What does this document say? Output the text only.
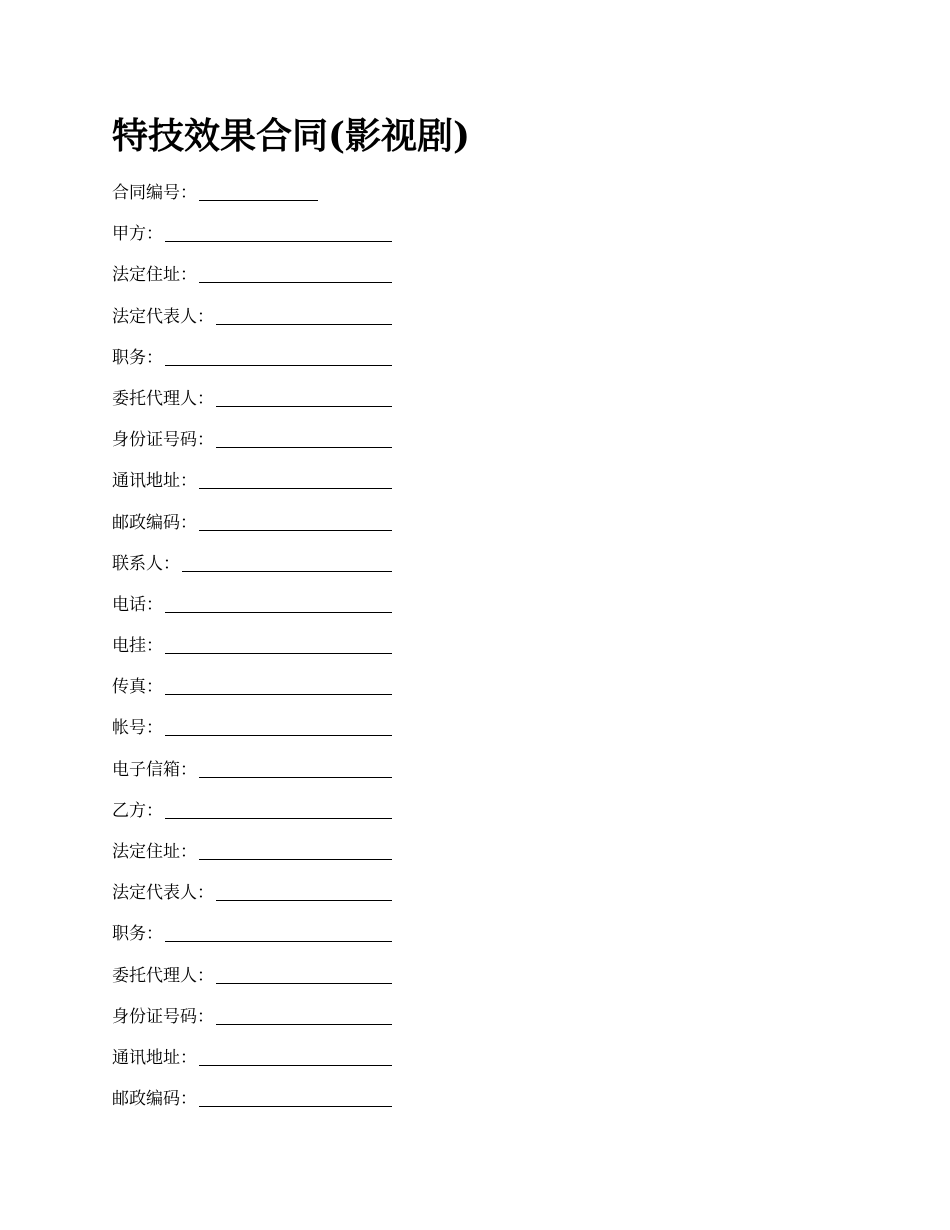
特技效果合同(影视剧)
合同编号：
甲方：
法定住址：
法定代表人：
职务：
委托代理人：
身份证号码：
通讯地址：
邮政编码：
联系人：
电话：
电挂：
传真：
帐号：
电子信箱：
乙方：
法定住址：
法定代表人：
职务：
委托代理人：
身份证号码：
通讯地址：
邮政编码：
